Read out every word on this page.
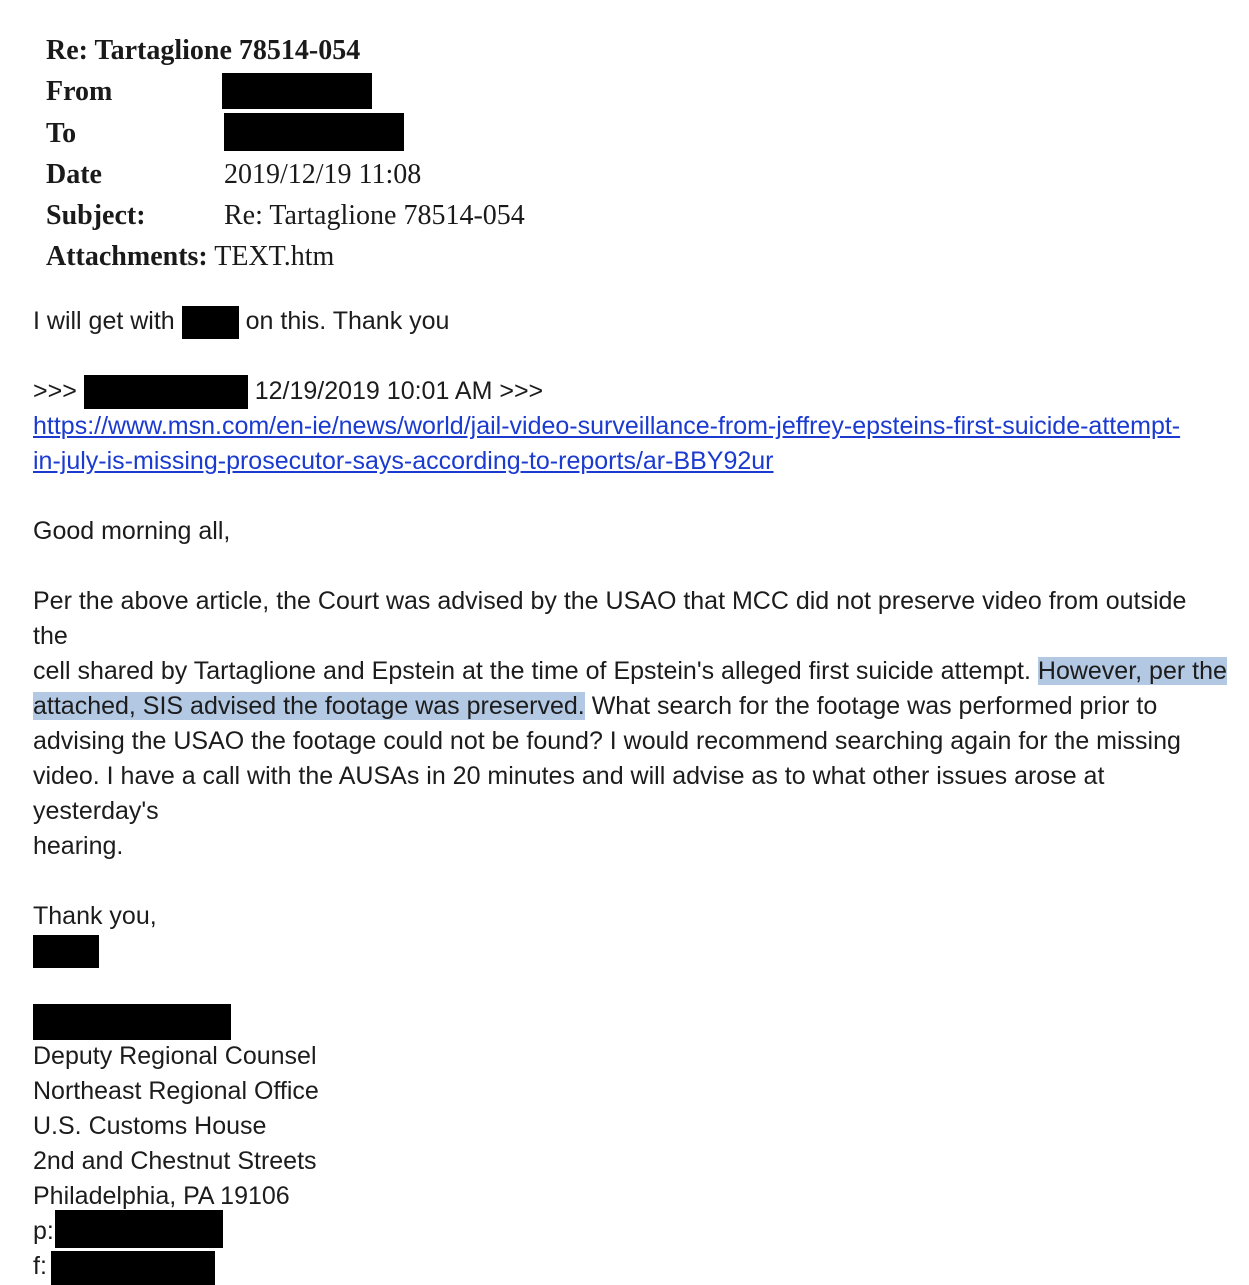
Re: Tartaglione 78514-054
From
To
Date	2019/12/19 11:08
Subject:	Re: Tartaglione 78514-054
Attachments: TEXT.htm

I will get with	on this. Thank you

>>>	12/19/2019 10:01 AM >>>

https://www.msn.com/en-ie/news/world/jail-video-surveillance-from-jeffrey-epsteins-first-suicide-attempt-

in-july-is-missing-prosecutor-says-according-to-reports/ar-BBY92ur

Good morning all,

Per the above article, the Court was advised by the USAO that MCC did not preserve video from outside the

cell shared by Tartaglione and Epstein at the time of Epstein's alleged first suicide attempt. However, per the

attached, SIS advised the footage was preserved. What search for the footage was performed prior to

advising the USAO the footage could not be found? I would recommend searching again for the missing

video. I have a call with the AUSAs in 20 minutes and will advise as to what other issues arose at yesterday's

hearing.

Thank you,

Deputy Regional Counsel

Northeast Regional Office

U.S. Customs House

2nd and Chestnut Streets

Philadelphia, PA 19106

p:

f:
